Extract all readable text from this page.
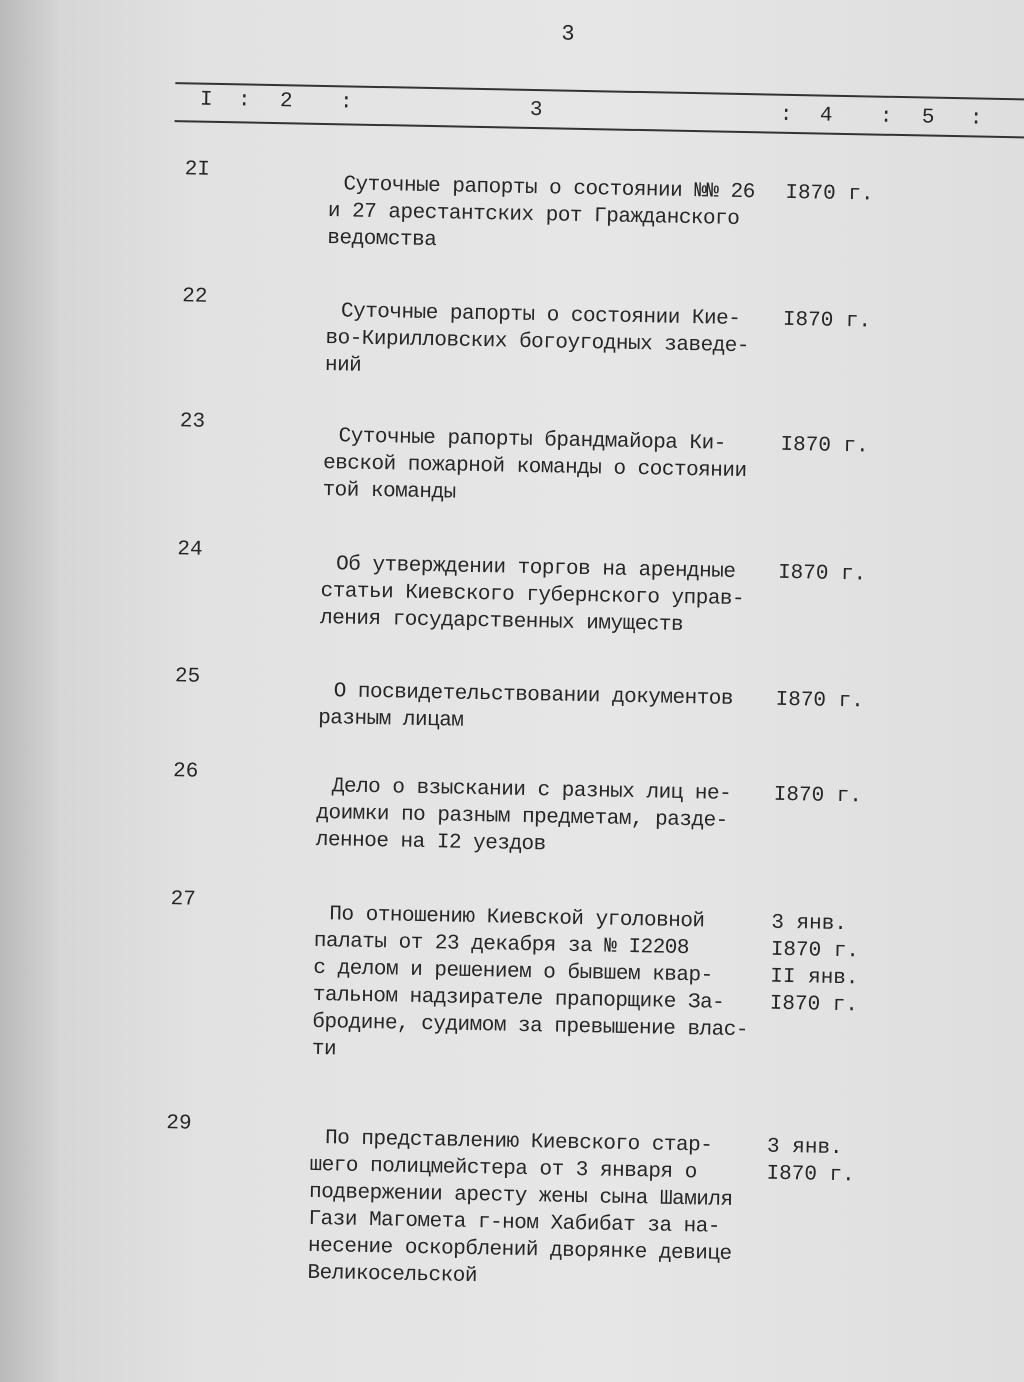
3
I : 2 :	3	: 4 : 5 :
2I
Суточные рапорты о состоянии №№ 26
и 27 арестантских рот Гражданского
ведомства
I870 г.
22
Суточные рапорты о состоянии Кие-
во-Кирилловских богоугодных заведе-
ний
I870 г.
23
Суточные рапорты брандмайора Ки-
евской пожарной команды о состоянии
той команды
I870 г.
24
Об утверждении торгов на арендные
статьи Киевского губернского управ-
ления государственных имуществ
I870 г.
25
О посвидетельствовании документов
разным лицам
I870 г.
26
Дело о взыскании с разных лиц не-
доимки по разным предметам, разде-
ленное на I2 уездов
I870 г.
27
По отношению Киевской уголовной
палаты от 23 декабря за № I2208
с делом и решением о бывшем квар-
тальном надзирателе прапорщике За-
бродине, судимом за превышение влас-
ти
3 янв.
I870 г.
II янв.
I870 г.
29
По представлению Киевского стар-
шего полицмейстера от 3 января о
подвержении аресту жены сына Шамиля
Гази Магомета г-ном Хабибат за на-
несение оскорблений дворянке девице
Великосельской
3 янв.
I870 г.
